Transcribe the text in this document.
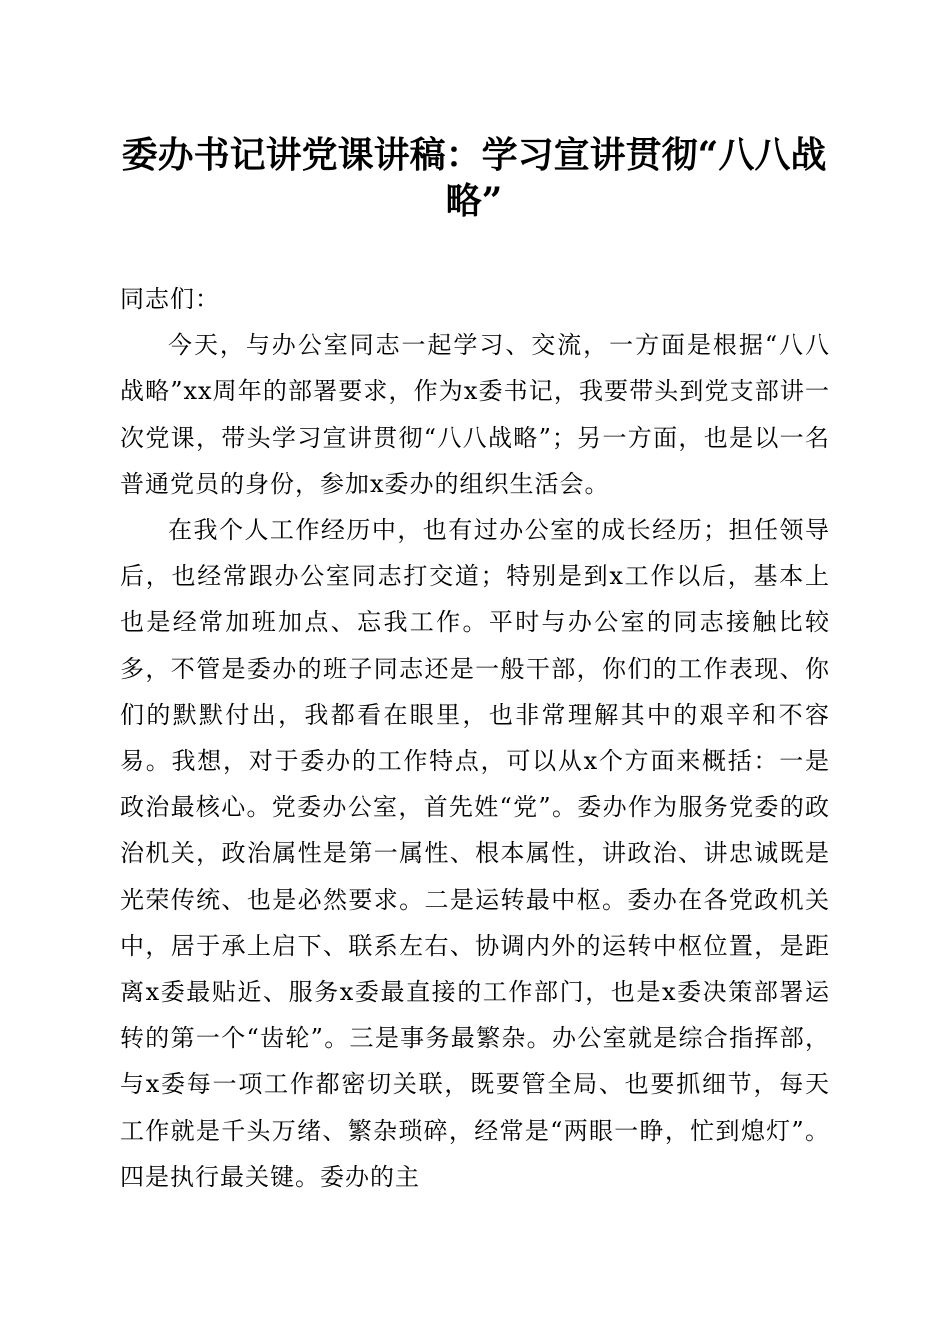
委办书记讲党课讲稿：学习宣讲贯彻“八八战略”

同志们：

今天，与办公室同志一起学习、交流，一方面是根据“八八战略”xx周年的部署要求，作为x委书记，我要带头到党支部讲一次党课，带头学习宣讲贯彻“八八战略”；另一方面，也是以一名普通党员的身份，参加x委办的组织生活会。

在我个人工作经历中，也有过办公室的成长经历；担任领导后，也经常跟办公室同志打交道；特别是到x工作以后，基本上也是经常加班加点、忘我工作。平时与办公室的同志接触比较多，不管是委办的班子同志还是一般干部，你们的工作表现、你们的默默付出，我都看在眼里，也非常理解其中的艰辛和不容易。我想，对于委办的工作特点，可以从x个方面来概括：一是政治最核心。党委办公室，首先姓“党”。委办作为服务党委的政治机关，政治属性是第一属性、根本属性，讲政治、讲忠诚既是光荣传统、也是必然要求。二是运转最中枢。委办在各党政机关中，居于承上启下、联系左右、协调内外的运转中枢位置，是距离x委最贴近、服务x委最直接的工作部门，也是x委决策部署运转的第一个“齿轮”。三是事务最繁杂。办公室就是综合指挥部，与x委每一项工作都密切关联，既要管全局、也要抓细节，每天工作就是千头万绪、繁杂琐碎，经常是“两眼一睁，忙到熄灯”。四是执行最关键。委办的主
